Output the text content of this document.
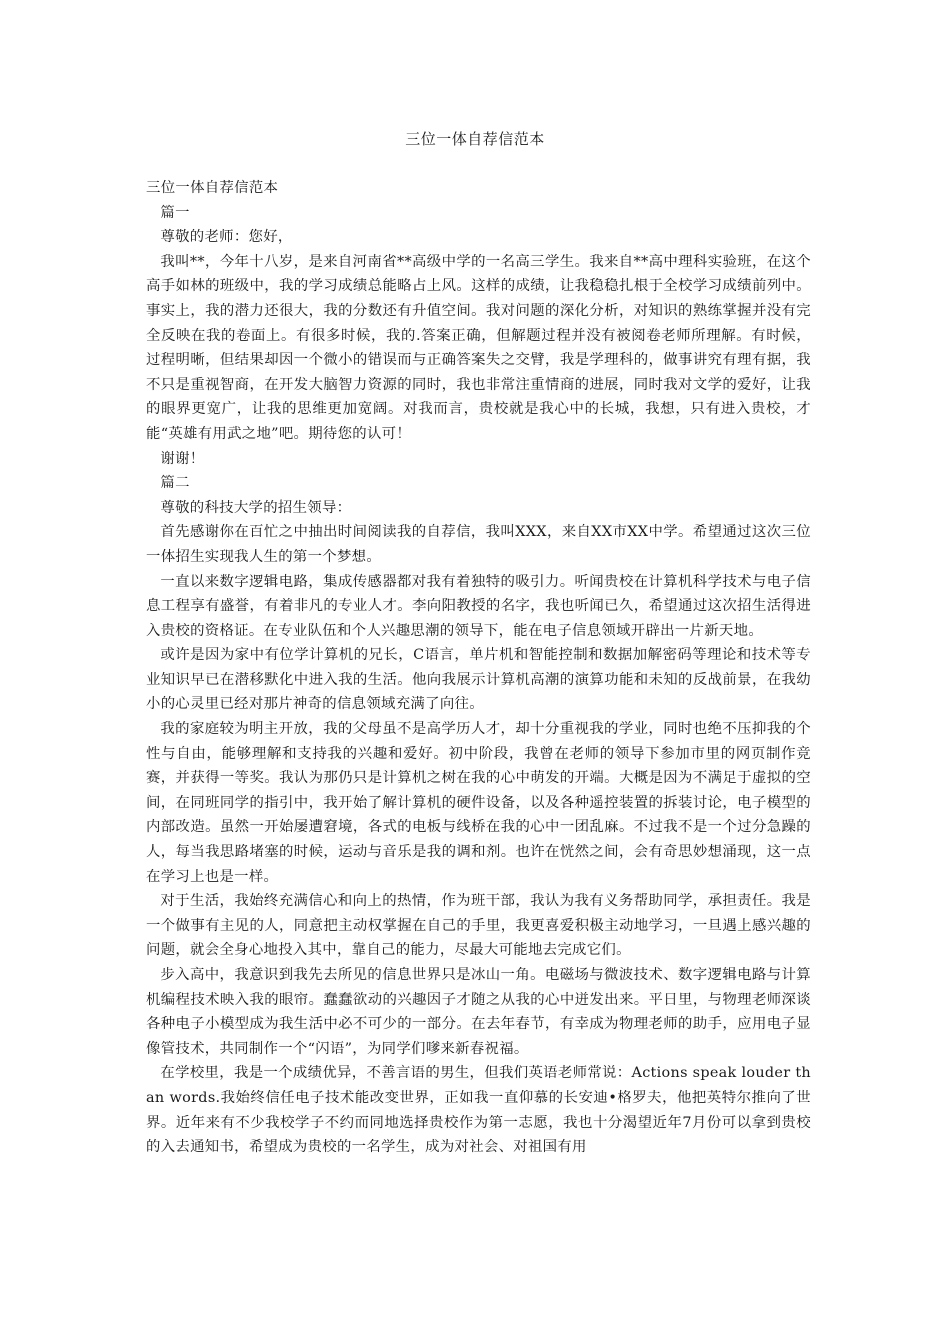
三位一体自荐信范本

三位一体自荐信范本

篇一

尊敬的老师：您好，

我叫**，今年十八岁，是来自河南省**高级中学的一名高三学生。我来自**高中理科实验班，在这个高手如林的班级中，我的学习成绩总能略占上风。这样的成绩，让我稳稳扎根于全校学习成绩前列中。事实上，我的潜力还很大，我的分数还有升值空间。我对问题的深化分析，对知识的熟练掌握并没有完全反映在我的卷面上。有很多时候，我的.答案正确，但解题过程并没有被阅卷老师所理解。有时候，过程明晰，但结果却因一个微小的错误而与正确答案失之交臂，我是学理科的，做事讲究有理有据，我不只是重视智商，在开发大脑智力资源的同时，我也非常注重情商的进展，同时我对文学的爱好，让我的眼界更宽广，让我的思维更加宽阔。对我而言，贵校就是我心中的长城，我想，只有进入贵校，才能“英雄有用武之地”吧。期待您的认可！

谢谢！

篇二

尊敬的科技大学的招生领导：

首先感谢你在百忙之中抽出时间阅读我的自荐信，我叫XXX，来自XX市XX中学。希望通过这次三位一体招生实现我人生的第一个梦想。

一直以来数字逻辑电路，集成传感器都对我有着独特的吸引力。听闻贵校在计算机科学技术与电子信息工程享有盛誉，有着非凡的专业人才。李向阳教授的名字，我也听闻已久，希望通过这次招生活得进入贵校的资格证。在专业队伍和个人兴趣思潮的领导下，能在电子信息领域开辟出一片新天地。

或许是因为家中有位学计算机的兄长，C语言，单片机和智能控制和数据加解密码等理论和技术等专业知识早已在潜移默化中进入我的生活。他向我展示计算机高潮的演算功能和未知的反战前景，在我幼小的心灵里已经对那片神奇的信息领域充满了向往。

我的家庭较为明主开放，我的父母虽不是高学历人才，却十分重视我的学业，同时也绝不压抑我的个性与自由，能够理解和支持我的兴趣和爱好。初中阶段，我曾在老师的领导下参加市里的网页制作竞赛，并获得一等奖。我认为那仍只是计算机之树在我的心中萌发的开端。大概是因为不满足于虚拟的空间，在同班同学的指引中，我开始了解计算机的硬件设备，以及各种遥控装置的拆装讨论，电子模型的内部改造。虽然一开始屡遭窘境，各式的电板与线桥在我的心中一团乱麻。不过我不是一个过分急躁的人，每当我思路堵塞的时候，运动与音乐是我的调和剂。也许在恍然之间，会有奇思妙想涌现，这一点在学习上也是一样。

对于生活，我始终充满信心和向上的热情，作为班干部，我认为我有义务帮助同学，承担责任。我是一个做事有主见的人，同意把主动权掌握在自己的手里，我更喜爱积极主动地学习，一旦遇上感兴趣的问题，就会全身心地投入其中，靠自己的能力，尽最大可能地去完成它们。

步入高中，我意识到我先去所见的信息世界只是冰山一角。电磁场与微波技术、数字逻辑电路与计算机编程技术映入我的眼帘。蠢蠢欲动的兴趣因子才随之从我的心中迸发出来。平日里，与物理老师深谈各种电子小模型成为我生活中必不可少的一部分。在去年春节，有幸成为物理老师的助手，应用电子显像管技术，共同制作一个“闪语”，为同学们嗲来新春祝福。

在学校里，我是一个成绩优异，不善言语的男生，但我们英语老师常说：Actions speak louder than words.我始终信任电子技术能改变世界，正如我一直仰慕的长安迪•格罗夫，他把英特尔推向了世界。近年来有不少我校学子不约而同地选择贵校作为第一志愿，我也十分渴望近年7月份可以拿到贵校的入去通知书，希望成为贵校的一名学生，成为对社会、对祖国有用
